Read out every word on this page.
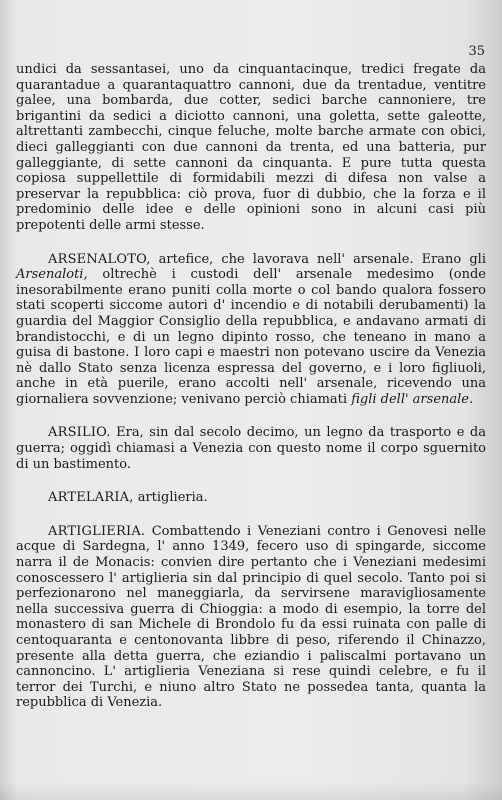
35

undici da sessantasei, uno da cinquantacinque, tredici fregate da quarantadue a quarantaquattro cannoni, due da trentadue, ventitre galee, una bombarda, due cotter, sedici barche cannoniere, tre brigantini da sedici a diciotto cannoni, una goletta, sette galeotte, altrettanti zambecchi, cinque feluche, molte barche armate con obici, dieci galleggianti con due cannoni da trenta, ed una batteria, pur galleggiante, di sette cannoni da cinquanta. E pure tutta questa copiosa suppellettile di formidabili mezzi di difesa non valse a preservar la repubblica: ciò prova, fuor di dubbio, che la forza e il predominio delle idee e delle opinioni sono in alcuni casi più prepotenti delle armi stesse.

ARSENALOTO, artefice, che lavorava nell' arsenale. Erano gli Arsenaloti, oltrechè i custodi dell' arsenale medesimo (onde inesorabilmente erano puniti colla morte o col bando qualora fossero stati scoperti siccome autori d' incendio e di notabili derubamenti) la guardia del Maggior Consiglio della repubblica, e andavano armati di brandistocchi, e di un legno dipinto rosso, che teneano in mano a guisa di bastone. I loro capi e maestri non potevano uscire da Venezia nè dallo Stato senza licenza espressa del governo, e i loro figliuoli, anche in età puerile, erano accolti nell' arsenale, ricevendo una giornaliera sovvenzione; venivano perciò chiamati figli dell' arsenale.

ARSILIO. Era, sin dal secolo decimo, un legno da trasporto e da guerra; oggidì chiamasi a Venezia con questo nome il corpo sguernito di un bastimento.

ARTELARIA, artiglieria.

ARTIGLIERIA. Combattendo i Veneziani contro i Genovesi nelle acque di Sardegna, l' anno 1349, fecero uso di spingarde, siccome narra il de Monacis: convien dire pertanto che i Veneziani medesimi conoscessero l' artiglieria sin dal principio di quel secolo. Tanto poi si perfezionarono nel maneggiarla, da servirsene maravigliosamente nella successiva guerra di Chioggia: a modo di esempio, la torre del monastero di san Michele di Brondolo fu da essi ruinata con palle di centoquaranta e centonovanta libbre di peso, riferendo il Chinazzo, presente alla detta guerra, che eziandio i paliscalmi portavano un cannoncino. L' artiglieria Veneziana si rese quindi celebre, e fu il terror dei Turchi, e niuno altro Stato ne possedea tanta, quanta la repubblica di Venezia.
